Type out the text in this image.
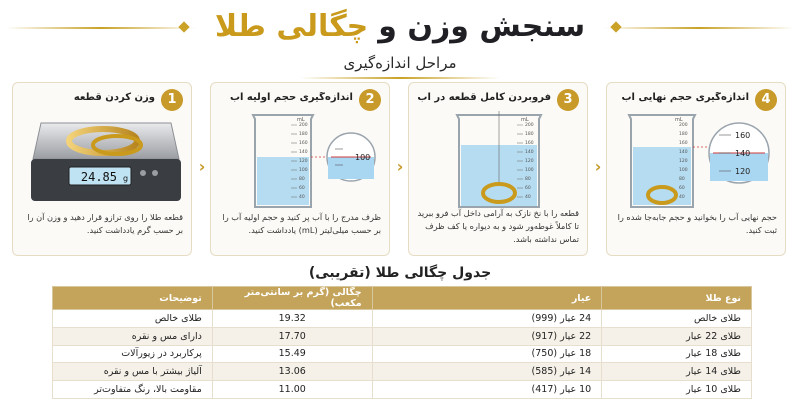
سنجش وزن و
چگالی طلا
مراحل اندازه‌گیری
1
وزن کردن قطعه
24.85 g
قطعه طلا را روی ترازو قرار دهید و وزن آن را بر حسب گرم یادداشت کنید.
›
2
اندازه‌گیری حجم اولیه آب
mL
200
180
160
140
120
100
80
60
40
100
ظرف مدرج را با آب پر کنید و حجم اولیه آب را بر حسب میلی‌لیتر (mL) یادداشت کنید.
›
3
فروبردن کامل قطعه در آب
mL
200
180
160
140
120
100
80
60
40
قطعه را با نخ نازک به آرامی داخل آب فرو ببرید تا کاملاً غوطه‌ور شود و به دیواره یا کف ظرف تماس نداشته باشد.
›
4
اندازه‌گیری حجم نهایی آب
mL
200
180
160
140
120
100
80
60
40
160
140
120
حجم نهایی آب را بخوانید و حجم جابه‌جا شده را ثبت کنید.
جدول چگالی طلا (تقریبی)
نوع طلا	عیار	چگالی (گرم بر سانتی‌متر مکعب)	توضیحات
طلای خالص	24 عیار (999)	19.32	طلای خالص
طلای 22 عیار	22 عیار (917)	17.70	دارای مس و نقره
طلای 18 عیار	18 عیار (750)	15.49	پرکاربرد در زیورآلات
طلای 14 عیار	14 عیار (585)	13.06	آلیاژ بیشتر با مس و نقره
طلای 10 عیار	10 عیار (417)	11.00	مقاومت بالا، رنگ متفاوت‌تر
